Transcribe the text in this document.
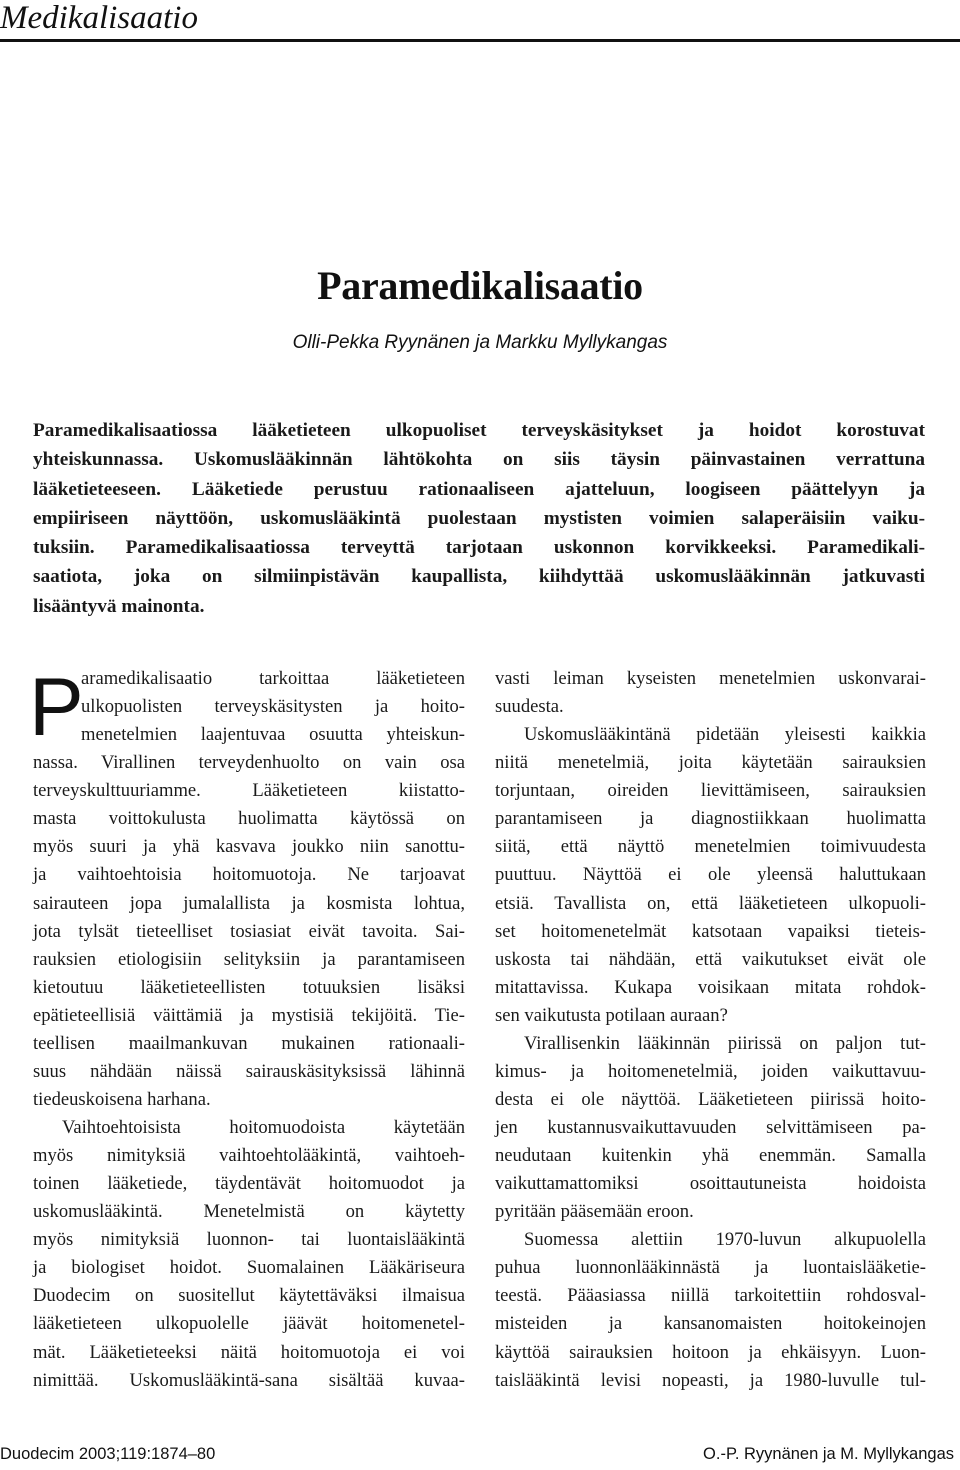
Medikalisaatio
Paramedikalisaatio
Olli-Pekka Ryynänen ja Markku Myllykangas
Paramedikalisaatiossa lääketieteen ulkopuoliset terveyskäsitykset ja hoidot korostuvat
yhteiskunnassa. Uskomuslääkinnän lähtökohta on siis täysin päinvastainen verrattuna
lääketieteeseen. Lääketiede perustuu rationaaliseen ajatteluun, loogiseen päättelyyn ja
empiiriseen näyttöön, uskomuslääkintä puolestaan mystisten voimien salaperäisiin vaiku-
tuksiin. Paramedikalisaatiossa terveyttä tarjotaan uskonnon korvikkeeksi. Paramedikali-
saatiota, joka on silmiinpistävän kaupallista, kiihdyttää uskomuslääkinnän jatkuvasti
lisääntyvä mainonta.
P
aramedikalisaatio tarkoittaa lääketieteen
ulkopuolisten terveyskäsitysten ja hoito-
menetelmien laajentuvaa osuutta yhteiskun-
nassa. Virallinen terveydenhuolto on vain osa
terveyskulttuuriamme. Lääketieteen kiistatto-
masta voittokulusta huolimatta käytössä on
myös suuri ja yhä kasvava joukko niin sanottu-
ja vaihtoehtoisia hoitomuotoja. Ne tarjoavat
sairauteen jopa jumalallista ja kosmista lohtua,
jota tylsät tieteelliset tosiasiat eivät tavoita. Sai-
rauksien etiologisiin selityksiin ja parantamiseen
kietoutuu lääketieteellisten totuuksien lisäksi
epätieteellisiä väittämiä ja mystisiä tekijöitä. Tie-
teellisen maailmankuvan mukainen rationaali-
suus nähdään näissä sairauskäsityksissä lähinnä
tiedeuskoisena harhana.
Vaihtoehtoisista hoitomuodoista käytetään
myös nimityksiä vaihtoehtolääkintä, vaihtoeh-
toinen lääketiede, täydentävät hoitomuodot ja
uskomuslääkintä. Menetelmistä on käytetty
myös nimityksiä luonnon- tai luontaislääkintä
ja biologiset hoidot. Suomalainen Lääkäriseura
Duodecim on suositellut käytettäväksi ilmaisua
lääketieteen ulkopuolelle jäävät hoitomenetel-
mät. Lääketieteeksi näitä hoitomuotoja ei voi
nimittää. Uskomuslääkintä-sana sisältää kuvaa-
vasti leiman kyseisten menetelmien uskonvarai-
suudesta.
Uskomuslääkintänä pidetään yleisesti kaikkia
niitä menetelmiä, joita käytetään sairauksien
torjuntaan, oireiden lievittämiseen, sairauksien
parantamiseen ja diagnostiikkaan huolimatta
siitä, että näyttö menetelmien toimivuudesta
puuttuu. Näyttöä ei ole yleensä haluttukaan
etsiä. Tavallista on, että lääketieteen ulkopuoli-
set hoitomenetelmät katsotaan vapaiksi tieteis-
uskosta tai nähdään, että vaikutukset eivät ole
mitattavissa. Kukapa voisikaan mitata rohdok-
sen vaikutusta potilaan auraan?
Virallisenkin lääkinnän piirissä on paljon tut-
kimus- ja hoitomenetelmiä, joiden vaikuttavuu-
desta ei ole näyttöä. Lääketieteen piirissä hoito-
jen kustannusvaikuttavuuden selvittämiseen pa-
neudutaan kuitenkin yhä enemmän. Samalla
vaikuttamattomiksi osoittautuneista hoidoista
pyritään pääsemään eroon.
Suomessa alettiin 1970-luvun alkupuolella
puhua luonnonlääkinnästä ja luontaislääketie-
teestä. Pääasiassa niillä tarkoitettiin rohdosval-
misteiden ja kansanomaisten hoitokeinojen
käyttöä sairauksien hoitoon ja ehkäisyyn. Luon-
taislääkintä levisi nopeasti, ja 1980-luvulle tul-
Duodecim 2003;119:1874–80	O.-P. Ryynänen ja M. Myllykangas
